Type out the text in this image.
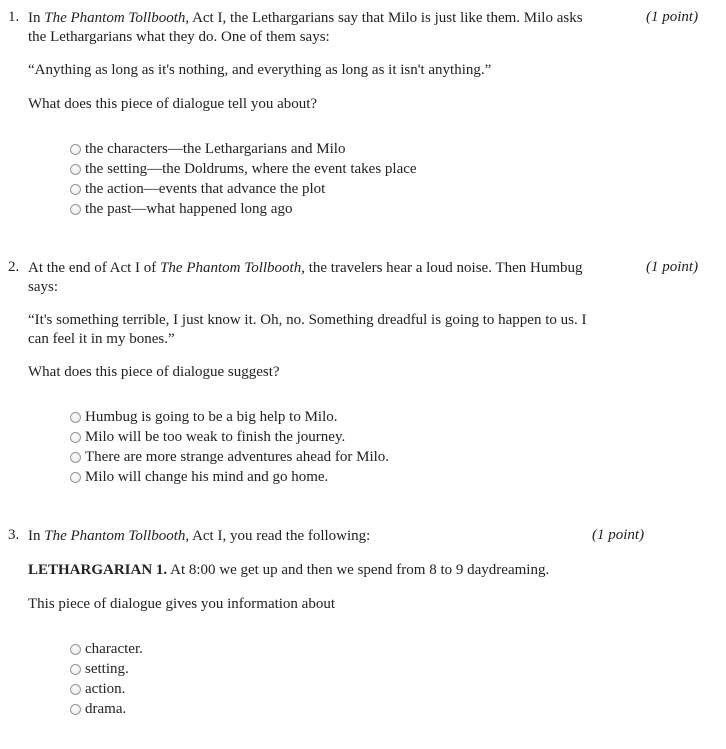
1. In The Phantom Tollbooth, Act I, the Lethargarians say that Milo is just like them. Milo asks
the Lethargarians what they do. One of them says:
(1 point)
“Anything as long as it's nothing, and everything as long as it isn't anything.”
What does this piece of dialogue tell you about?
the characters—the Lethargarians and Milo
the setting—the Doldrums, where the event takes place
the action—events that advance the plot
the past—what happened long ago
2. At the end of Act I of The Phantom Tollbooth, the travelers hear a loud noise. Then Humbug
says:
(1 point)
“It's something terrible, I just know it. Oh, no. Something dreadful is going to happen to us. I
can feel it in my bones.”
What does this piece of dialogue suggest?
Humbug is going to be a big help to Milo.
Milo will be too weak to finish the journey.
There are more strange adventures ahead for Milo.
Milo will change his mind and go home.
3. In The Phantom Tollbooth, Act I, you read the following:	(1 point)
LETHARGARIAN 1. At 8:00 we get up and then we spend from 8 to 9 daydreaming.
This piece of dialogue gives you information about
character.
setting.
action.
drama.
